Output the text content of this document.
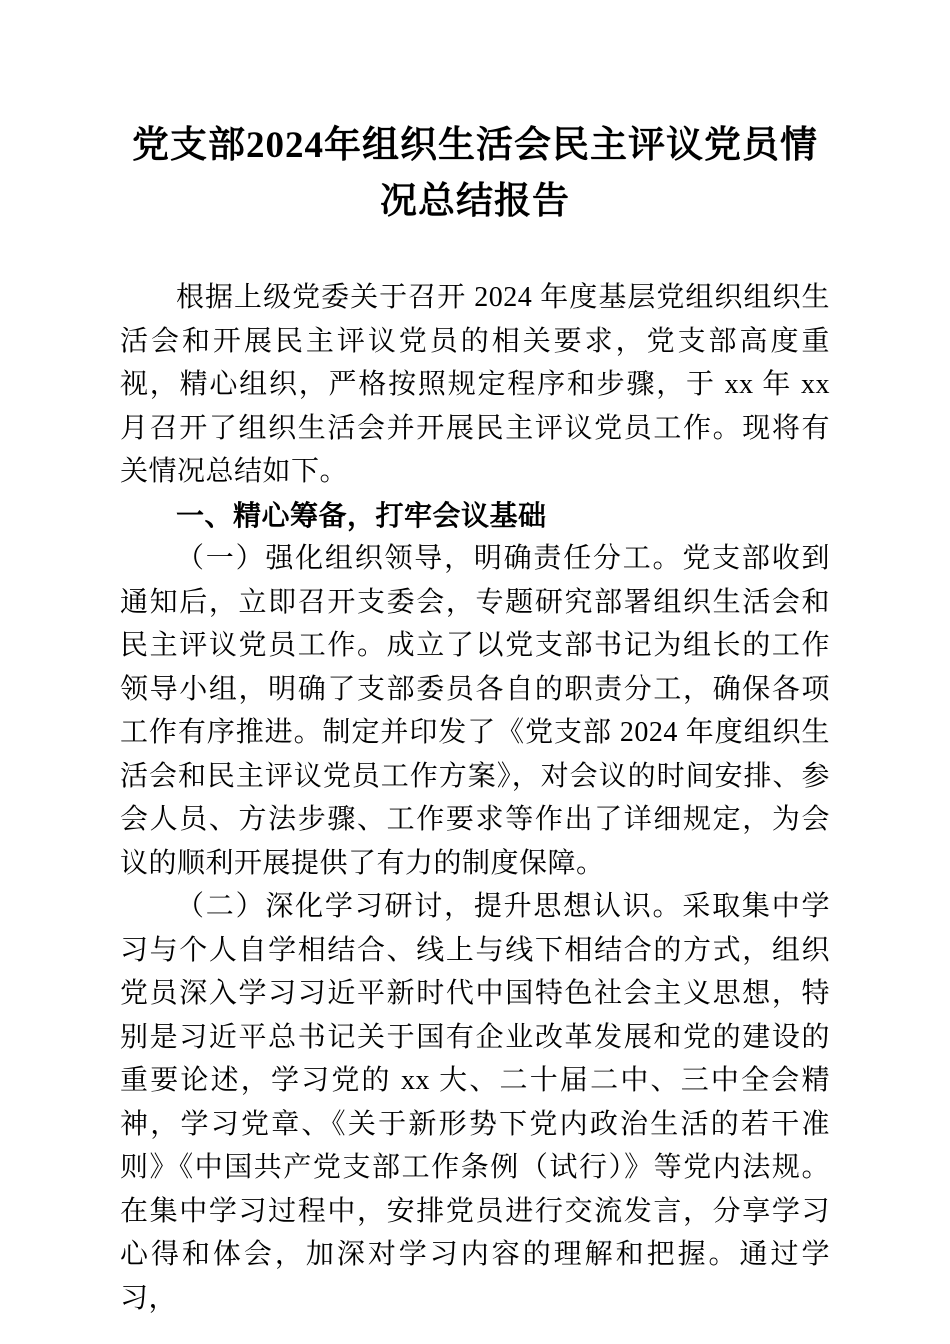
党支部2024年组织生活会民主评议党员情况总结报告

根据上级党委关于召开 2024 年度基层党组织组织生活会和开展民主评议党员的相关要求，党支部高度重视，精心组织，严格按照规定程序和步骤，于 xx 年 xx 月召开了组织生活会并开展民主评议党员工作。现将有关情况总结如下。

一、精心筹备，打牢会议基础

（一）强化组织领导，明确责任分工。党支部收到通知后，立即召开支委会，专题研究部署组织生活会和民主评议党员工作。成立了以党支部书记为组长的工作领导小组，明确了支部委员各自的职责分工，确保各项工作有序推进。制定并印发了《党支部 2024 年度组织生活会和民主评议党员工作方案》，对会议的时间安排、参会人员、方法步骤、工作要求等作出了详细规定，为会议的顺利开展提供了有力的制度保障。

（二）深化学习研讨，提升思想认识。采取集中学习与个人自学相结合、线上与线下相结合的方式，组织党员深入学习习近平新时代中国特色社会主义思想，特别是习近平总书记关于国有企业改革发展和党的建设的重要论述，学习党的 xx 大、二十届二中、三中全会精神，学习党章、《关于新形势下党内政治生活的若干准则》《中国共产党支部工作条例（试行）》等党内法规。在集中学习过程中，安排党员进行交流发言，分享学习心得和体会，加深对学习内容的理解和把握。通过学习，
